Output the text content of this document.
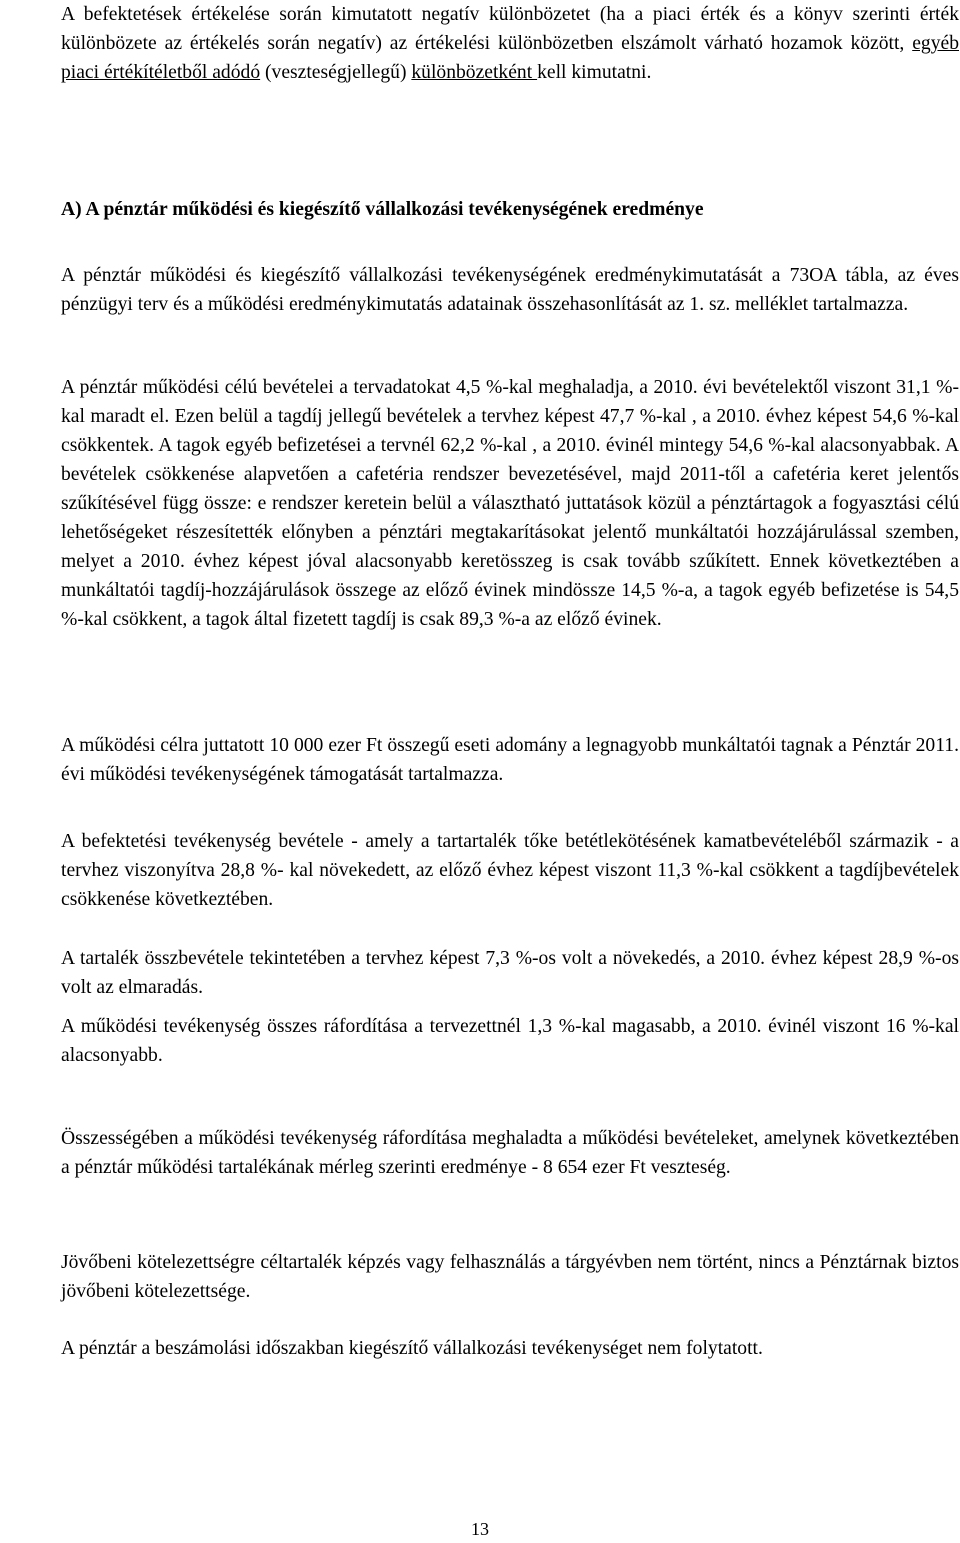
A befektetések értékelése során kimutatott negatív különbözetet (ha a piaci érték és a könyv szerinti érték különbözete az értékelés során negatív) az értékelési különbözetben elszámolt várható hozamok között, egyéb piaci értékítéletből adódó (veszteségjellegű) különbözetként kell kimutatni.

A) A pénztár működési és kiegészítő vállalkozási tevékenységének eredménye

A pénztár működési és kiegészítő vállalkozási tevékenységének eredménykimutatását a 73OA tábla, az éves pénzügyi terv és a működési eredménykimutatás adatainak összehasonlítását az 1. sz. melléklet tartalmazza.

A pénztár működési célú bevételei a tervadatokat 4,5 %-kal meghaladja, a 2010. évi bevételektől viszont 31,1 %-kal maradt el. Ezen belül a tagdíj jellegű bevételek a tervhez képest 47,7 %-kal , a 2010. évhez képest 54,6 %-kal csökkentek. A tagok egyéb befizetései a tervnél 62,2 %-kal , a 2010. évinél mintegy 54,6 %-kal alacsonyabbak. A bevételek csökkenése alapvetően a cafetéria rendszer bevezetésével, majd 2011-től a cafetéria keret jelentős szűkítésével függ össze: e rendszer keretein belül a választható juttatások közül a pénztártagok a fogyasztási célú lehetőségeket részesítették előnyben a pénztári megtakarításokat jelentő munkáltatói hozzájárulással szemben, melyet a 2010. évhez képest jóval alacsonyabb keretösszeg is csak tovább szűkített. Ennek következtében a munkáltatói tagdíj-hozzájárulások összege az előző évinek mindössze 14,5 %-a, a tagok egyéb befizetése is 54,5 %-kal csökkent, a tagok által fizetett tagdíj is csak 89,3 %-a az előző évinek.

A működési célra juttatott 10 000 ezer Ft összegű eseti adomány a legnagyobb munkáltatói tagnak a Pénztár 2011. évi működési tevékenységének támogatását tartalmazza.

A befektetési tevékenység bevétele - amely a tartartalék tőke betétlekötésének kamatbevételéből származik - a tervhez viszonyítva 28,8 %- kal növekedett, az előző évhez képest viszont 11,3 %-kal csökkent a tagdíjbevételek csökkenése következtében.

A tartalék összbevétele tekintetében a tervhez képest 7,3 %-os volt a növekedés, a 2010. évhez képest 28,9 %-os volt az elmaradás.

A működési tevékenység összes ráfordítása a tervezettnél 1,3 %-kal magasabb, a 2010. évinél viszont 16 %-kal alacsonyabb.

Összességében a működési tevékenység ráfordítása meghaladta a működési bevételeket, amelynek következtében a pénztár működési tartalékának mérleg szerinti eredménye - 8 654 ezer Ft veszteség.

Jövőbeni kötelezettségre céltartalék képzés vagy felhasználás a tárgyévben nem történt, nincs a Pénztárnak biztos jövőbeni kötelezettsége.

A pénztár a beszámolási időszakban kiegészítő vállalkozási tevékenységet nem folytatott.

13
